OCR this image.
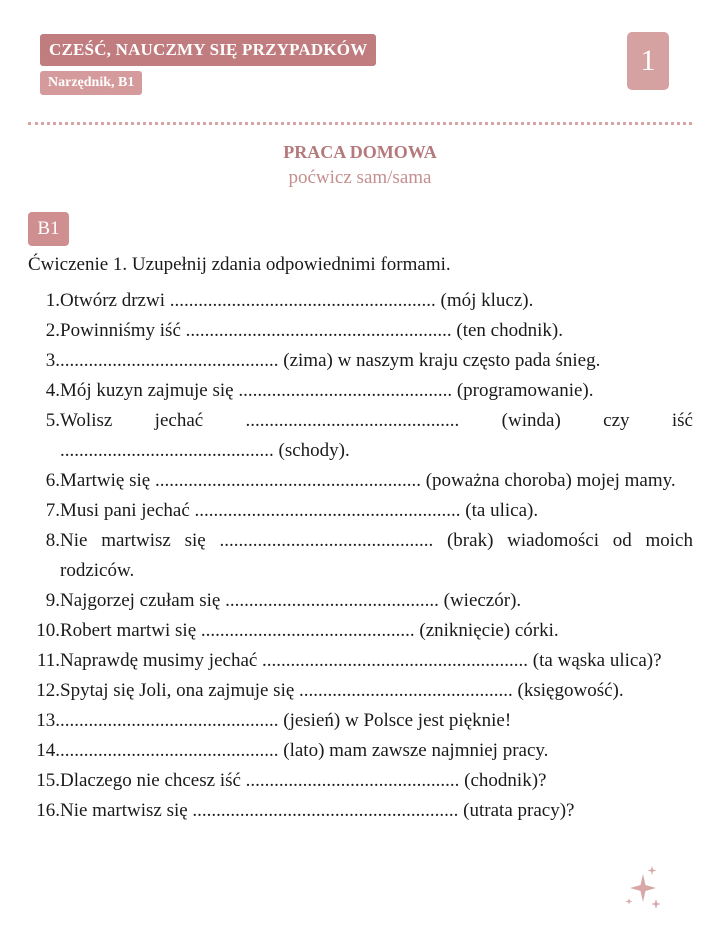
CZEŚĆ, NAUCZMY SIĘ PRZYPADKÓW
Narzędnik, B1
1
PRACA DOMOWA
poćwicz sam/sama
B1
Ćwiczenie 1. Uzupełnij zdania odpowiednimi formami.
1. Otwórz drzwi ........................................................ (mój klucz).
2. Powinniśmy iść ........................................................ (ten chodnik).
3. .............................................. (zima) w naszym kraju często pada śnieg.
4. Mój kuzyn zajmuje się ............................................. (programowanie).
5. Wolisz jechać ............................................. (winda) czy iść ............................................. (schody).
6. Martwię się ........................................................ (poważna choroba) mojej mamy.
7. Musi pani jechać ........................................................ (ta ulica).
8. Nie martwisz się ............................................. (brak) wiadomości od moich rodziców.
9. Najgorzej czułam się ............................................. (wieczór).
10. Robert martwi się ............................................. (zniknięcie) córki.
11. Naprawdę musimy jechać ........................................................ (ta wąska ulica)?
12. Spytaj się Joli, ona zajmuje się ............................................. (księgowość).
13. .............................................. (jesień) w Polsce jest pięknie!
14. .............................................. (lato) mam zawsze najmniej pracy.
15. Dlaczego nie chcesz iść ............................................. (chodnik)?
16. Nie martwisz się ........................................................ (utrata pracy)?
